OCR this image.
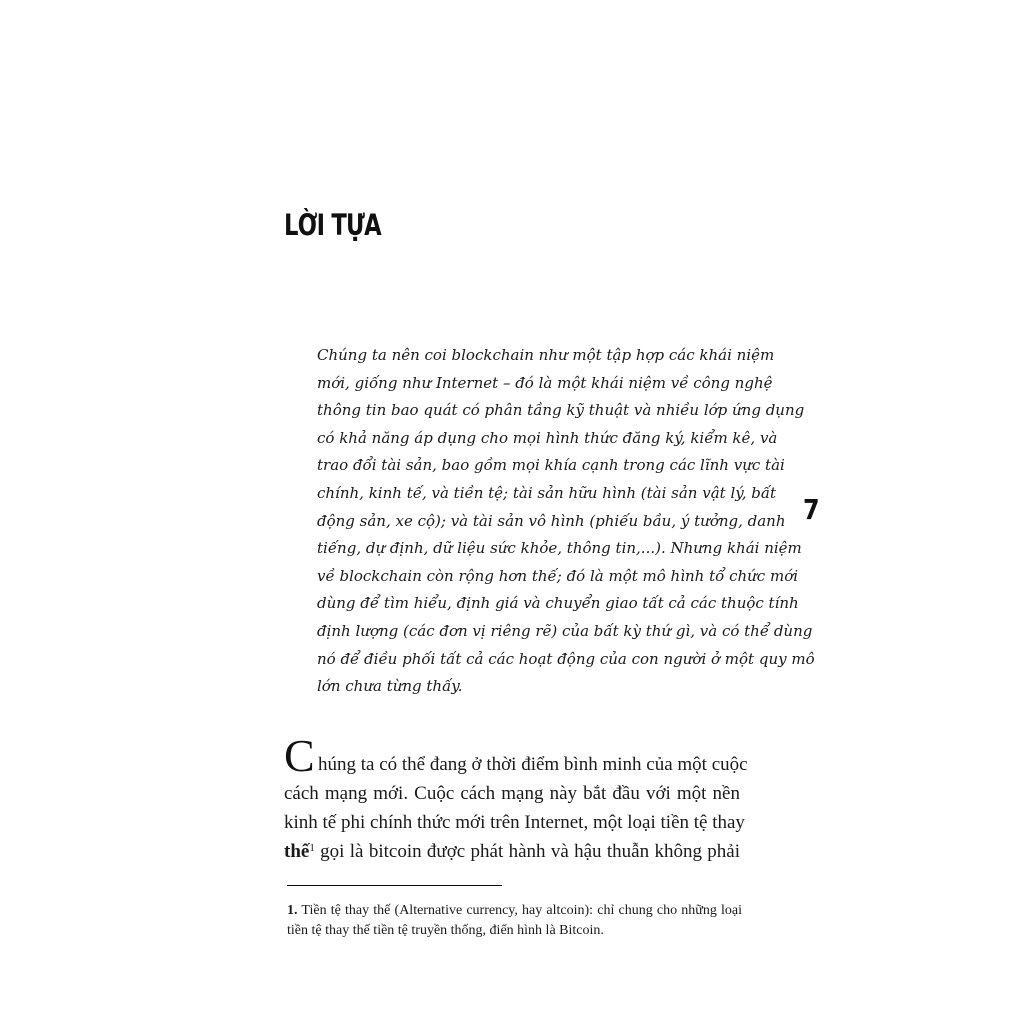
LỜI TỰA
Chúng ta nên coi blockchain như một tập hợp các khái niệm
mới, giống như Internet – đó là một khái niệm về công nghệ
thông tin bao quát có phân tầng kỹ thuật và nhiều lớp ứng dụng
có khả năng áp dụng cho mọi hình thức đăng ký, kiểm kê, và
trao đổi tài sản, bao gồm mọi khía cạnh trong các lĩnh vực tài
chính, kinh tế, và tiền tệ; tài sản hữu hình (tài sản vật lý, bất
động sản, xe cộ); và tài sản vô hình (phiếu bầu, ý tưởng, danh
tiếng, dự định, dữ liệu sức khỏe, thông tin,...). Nhưng khái niệm
về blockchain còn rộng hơn thế; đó là một mô hình tổ chức mới
dùng để tìm hiểu, định giá và chuyển giao tất cả các thuộc tính
định lượng (các đơn vị riêng rẽ) của bất kỳ thứ gì, và có thể dùng
nó để điều phối tất cả các hoạt động của con người ở một quy mô
lớn chưa từng thấy.
7
C húng ta có thể đang ở thời điểm bình minh của một cuộc
cách mạng mới. Cuộc cách mạng này bắt đầu với một nền
kinh tế phi chính thức mới trên Internet, một loại tiền tệ thay
thế$^1$ gọi là bitcoin được phát hành và hậu thuẫn không phải
1. Tiền tệ thay thế (Alternative currency, hay altcoin): chỉ chung cho những loại
tiền tệ thay thế tiền tệ truyền thống, điển hình là Bitcoin.
